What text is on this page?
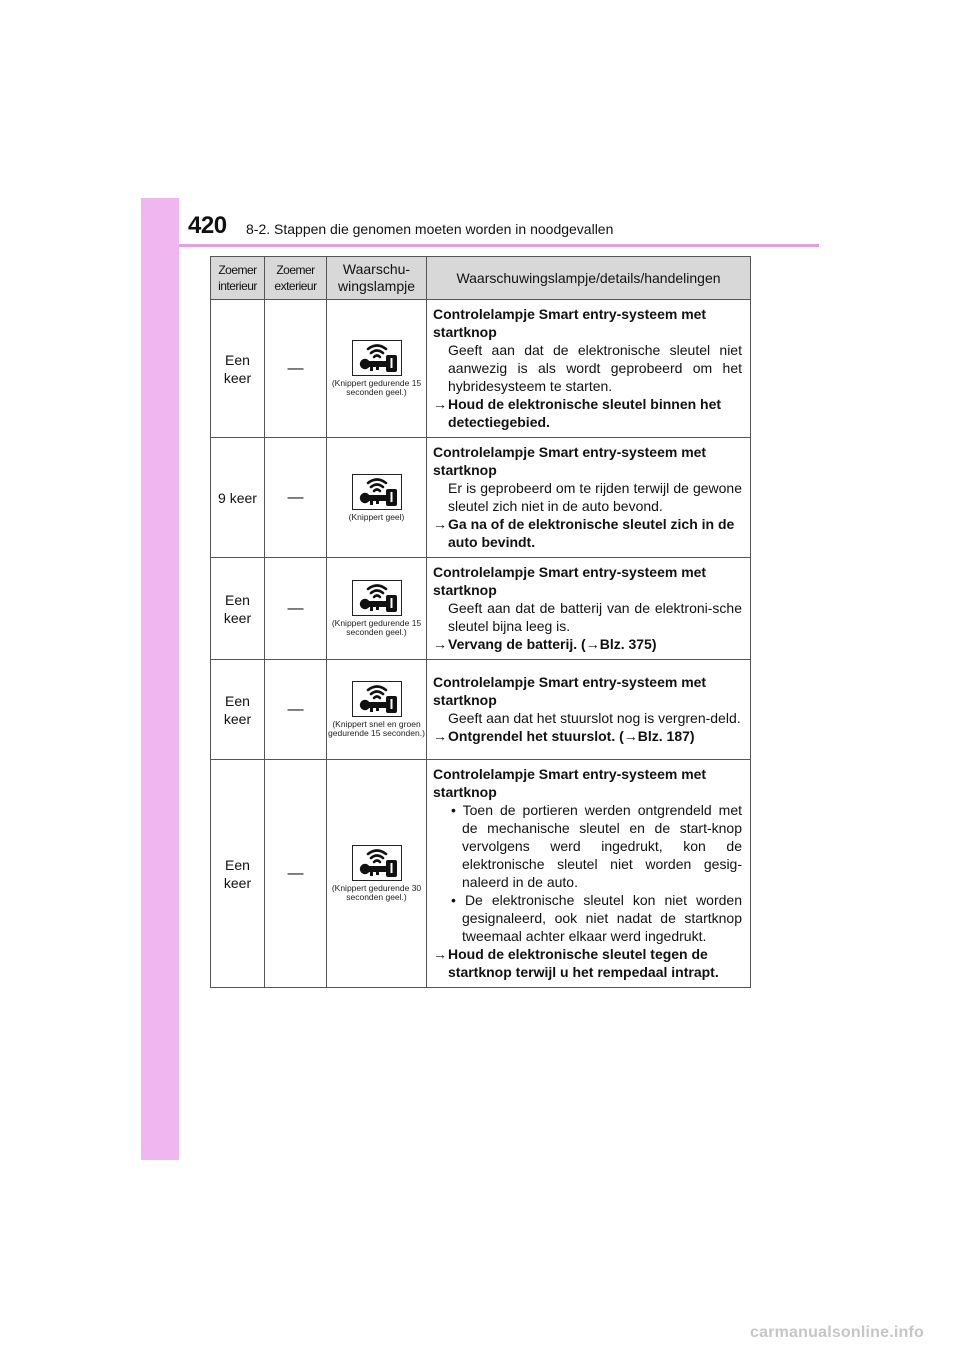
420 8-2. Stappen die genomen moeten worden in noodgevallen
Zoemer interieur	Zoemer exterieur	Waarschu-
wingslampje	Waarschuwingslampje/details/handelingen
Een keer	—	(Knippert gedurende 15 seconden geel.)	Controlelampje Smart entry-systeem met startknop
Geeft aan dat de elektronische sleutel niet aanwezig is als wordt geprobeerd om het hybridesysteem te starten.
→Houd de elektronische sleutel binnen het detectiegebied.

9 keer	—	(Knippert geel)	Controlelampje Smart entry-systeem met startknop
Er is geprobeerd om te rijden terwijl de gewone sleutel zich niet in de auto bevond.
→Ga na of de elektronische sleutel zich in de auto bevindt.

Een keer	—	(Knippert gedurende 15 seconden geel.)	Controlelampje Smart entry-systeem met startknop
Geeft aan dat de batterij van de elektroni-sche sleutel bijna leeg is.
→Vervang de batterij. (→Blz. 375)

Een keer	—	(Knippert snel en groen gedurende 15 seconden.)	Controlelampje Smart entry-systeem met startknop
Geeft aan dat het stuurslot nog is vergren-deld.
→Ontgrendel het stuurslot. (→Blz. 187)

Een keer	—	(Knippert gedurende 30 seconden geel.)	Controlelampje Smart entry-systeem met startknop
• Toen de portieren werden ontgrendeld met de mechanische sleutel en de start-knop vervolgens werd ingedrukt, kon de elektronische sleutel niet worden gesig-naleerd in de auto.
• De elektronische sleutel kon niet worden gesignaleerd, ook niet nadat de startknop tweemaal achter elkaar werd ingedrukt.
→Houd de elektronische sleutel tegen de startknop terwijl u het rempedaal intrapt.
carmanualsonline.info
